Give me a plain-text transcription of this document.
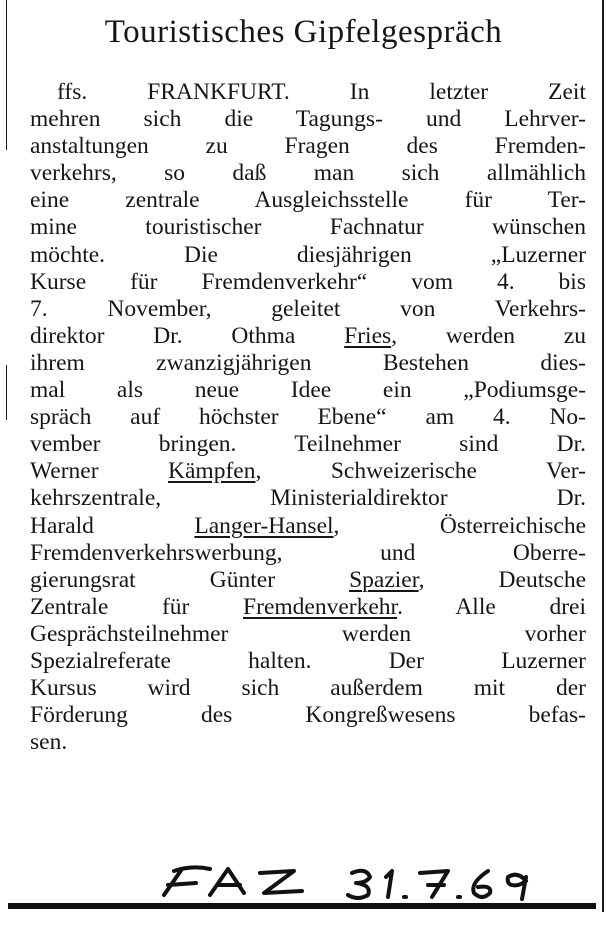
Touristisches Gipfelgespräch
ffs. FRANKFURT. In letzter Zeit
mehren sich die Tagungs- und Lehrver-
anstaltungen zu Fragen des Fremden-
verkehrs, so daß man sich allmählich
eine zentrale Ausgleichsstelle für Ter-
mine touristischer Fachnatur wünschen
möchte. Die diesjährigen „Luzerner
Kurse für Fremdenverkehr“ vom 4. bis
7. November, geleitet von Verkehrs-
direktor Dr. Othma Fries, werden zu
ihrem zwanzigjährigen Bestehen dies-
mal als neue Idee ein „Podiumsge-
spräch auf höchster Ebene“ am 4. No-
vember bringen. Teilnehmer sind Dr.
Werner Kämpfen, Schweizerische Ver-
kehrszentrale, Ministerialdirektor Dr.
Harald Langer-Hansel, Österreichische
Fremdenverkehrswerbung, und Oberre-
gierungsrat Günter Spazier, Deutsche
Zentrale für Fremdenverkehr. Alle drei
Gesprächsteilnehmer werden vorher
Spezialreferate halten. Der Luzerner
Kursus wird sich außerdem mit der
Förderung des Kongreßwesens befas-
sen.
